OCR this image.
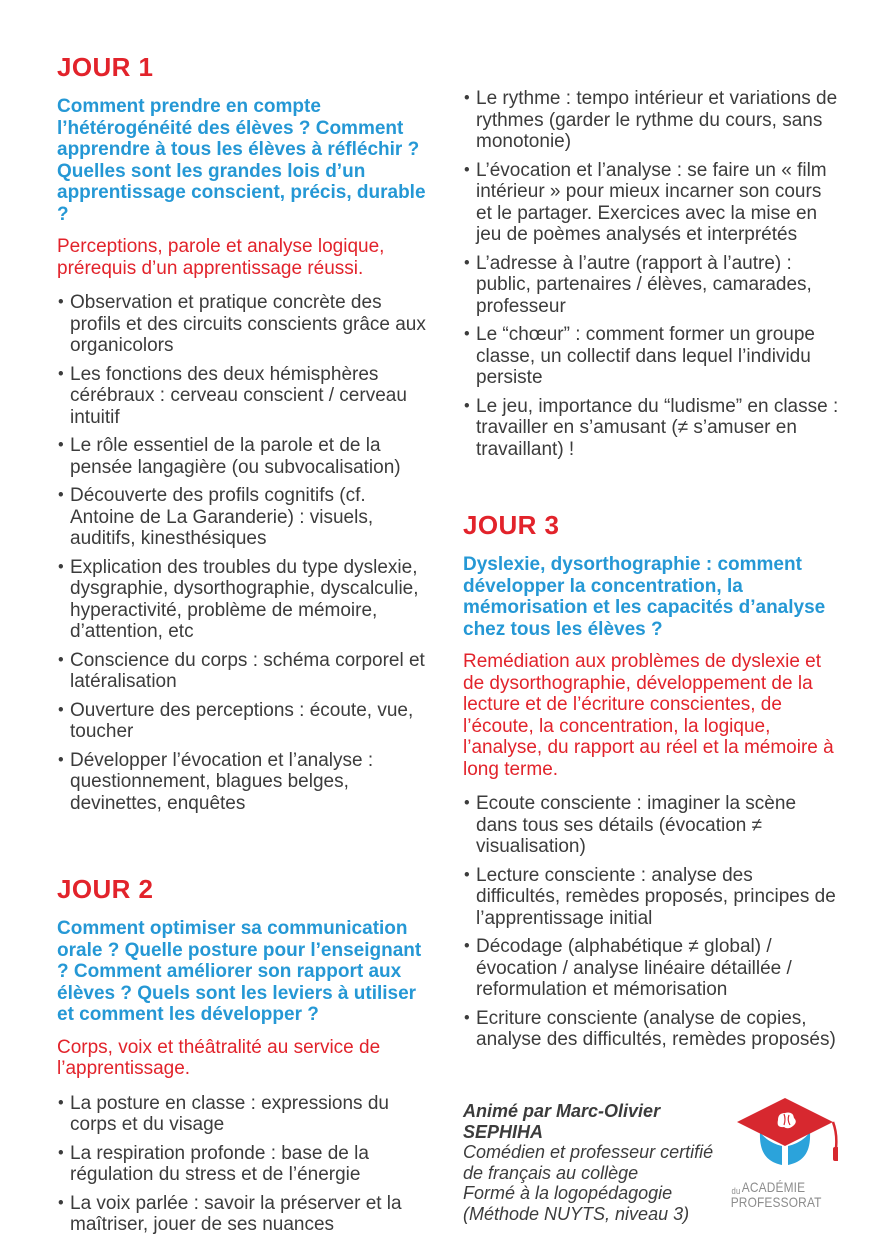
JOUR 1

Comment prendre en compte l’hétérogénéité des élèves ? Comment apprendre à tous les élèves à réfléchir ? Quelles sont les grandes lois d’un apprentissage conscient, précis, durable ?

Perceptions, parole et analyse logique, prérequis d’un apprentissage réussi.

• Observation et pratique concrète des profils et des circuits conscients grâce aux organicolors
• Les fonctions des deux hémisphères cérébraux : cerveau conscient / cerveau intuitif
• Le rôle essentiel de la parole et de la pensée langagière (ou subvocalisation)
• Découverte des profils cognitifs (cf. Antoine de La Garanderie) : visuels, auditifs, kinesthésiques
• Explication des troubles du type dyslexie, dysgraphie, dysorthographie, dyscalculie, hyperactivité, problème de mémoire, d’attention, etc
• Conscience du corps : schéma corporel et latéralisation
• Ouverture des perceptions : écoute, vue, toucher
• Développer l’évocation et l’analyse : questionnement, blagues belges, devinettes, enquêtes
JOUR 2

Comment optimiser sa communication orale ? Quelle posture pour l’enseignant ? Comment améliorer son rapport aux élèves ? Quels sont les leviers à utiliser et comment les développer ?

Corps, voix et théâtralité au service de l’apprentissage.

• La posture en classe : expressions du corps et du visage
• La respiration profonde : base de la régulation du stress et de l’énergie
• La voix parlée : savoir la préserver et la maîtriser, jouer de ses nuances
• Le rythme : tempo intérieur et variations de rythmes (garder le rythme du cours, sans monotonie)
• L’évocation et l’analyse : se faire un « film intérieur » pour mieux incarner son cours et le partager. Exercices avec la mise en jeu de poèmes analysés et interprétés
• L’adresse à l’autre (rapport à l’autre) : public, partenaires / élèves, camarades, professeur
• Le “chœur” : comment former un groupe classe, un collectif dans lequel l’individu persiste
• Le jeu, importance du “ludisme” en classe : travailler en s’amusant (≠ s’amuser en travaillant) !
JOUR 3

Dyslexie, dysorthographie : comment développer la concentration, la mémorisation et les capacités d’analyse chez tous les élèves ?

Remédiation aux problèmes de dyslexie et de dysorthographie, développement de la lecture et de l’écriture conscientes, de l’écoute, la concentration, la logique, l’analyse, du rapport au réel et la mémoire à long terme.

• Ecoute consciente : imaginer la scène dans tous ses détails (évocation ≠ visualisation)
• Lecture consciente : analyse des difficultés, remèdes proposés, principes de l’apprentissage initial
• Décodage (alphabétique ≠ global) / évocation / analyse linéaire détaillée / reformulation et mémorisation
• Ecriture consciente (analyse de copies, analyse des difficultés, remèdes proposés)

Animé par Marc-Olivier SEPHIHA

Comédien et professeur certifié

de français au collège

Formé à la logopédagogie

(Méthode NUYTS, niveau 3)

du ACADÉMIE
PROFESSORAT
